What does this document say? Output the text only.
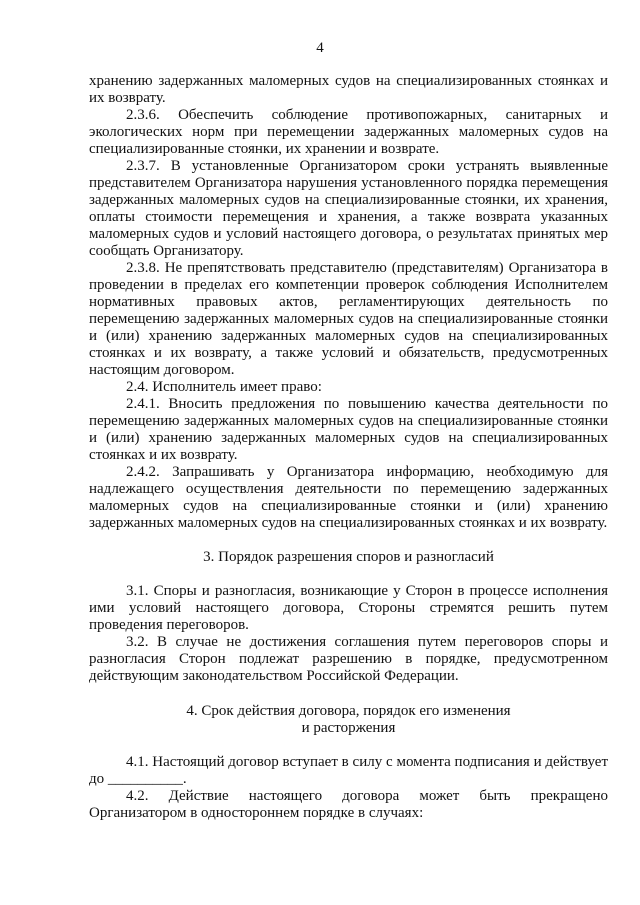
4

хранению задержанных маломерных судов на специализированных стоянках и их возврату.

2.3.6. Обеспечить соблюдение противопожарных, санитарных и экологических норм при перемещении задержанных маломерных судов на специализированные стоянки, их хранении и возврате.

2.3.7. В установленные Организатором сроки устранять выявленные представителем Организатора нарушения установленного порядка перемещения задержанных маломерных судов на специализированные стоянки, их хранения, оплаты стоимости перемещения и хранения, а также возврата указанных маломерных судов и условий настоящего договора, о результатах принятых мер сообщать Организатору.

2.3.8. Не препятствовать представителю (представителям) Организатора в проведении в пределах его компетенции проверок соблюдения Исполнителем нормативных правовых актов, регламентирующих деятельность по перемещению задержанных маломерных судов на специализированные стоянки и (или) хранению задержанных маломерных судов на специализированных стоянках и их возврату, а также условий и обязательств, предусмотренных настоящим договором.

2.4. Исполнитель имеет право:

2.4.1. Вносить предложения по повышению качества деятельности по перемещению задержанных маломерных судов на специализированные стоянки и (или) хранению задержанных маломерных судов на специализированных стоянках и их возврату.

2.4.2. Запрашивать у Организатора информацию, необходимую для надлежащего осуществления деятельности по перемещению задержанных маломерных судов на специализированные стоянки и (или) хранению задержанных маломерных судов на специализированных стоянках и их возврату.

3. Порядок разрешения споров и разногласий

3.1. Споры и разногласия, возникающие у Сторон в процессе исполнения ими условий настоящего договора, Стороны стремятся решить путем проведения переговоров.

3.2. В случае не достижения соглашения путем переговоров споры и разногласия Сторон подлежат разрешению в порядке, предусмотренном действующим законодательством Российской Федерации.

4. Срок действия договора, порядок его изменения

и расторжения

4.1. Настоящий договор вступает в силу с момента подписания и действует до __________.

4.2. Действие настоящего договора может быть прекращено Организатором в одностороннем порядке в случаях:
